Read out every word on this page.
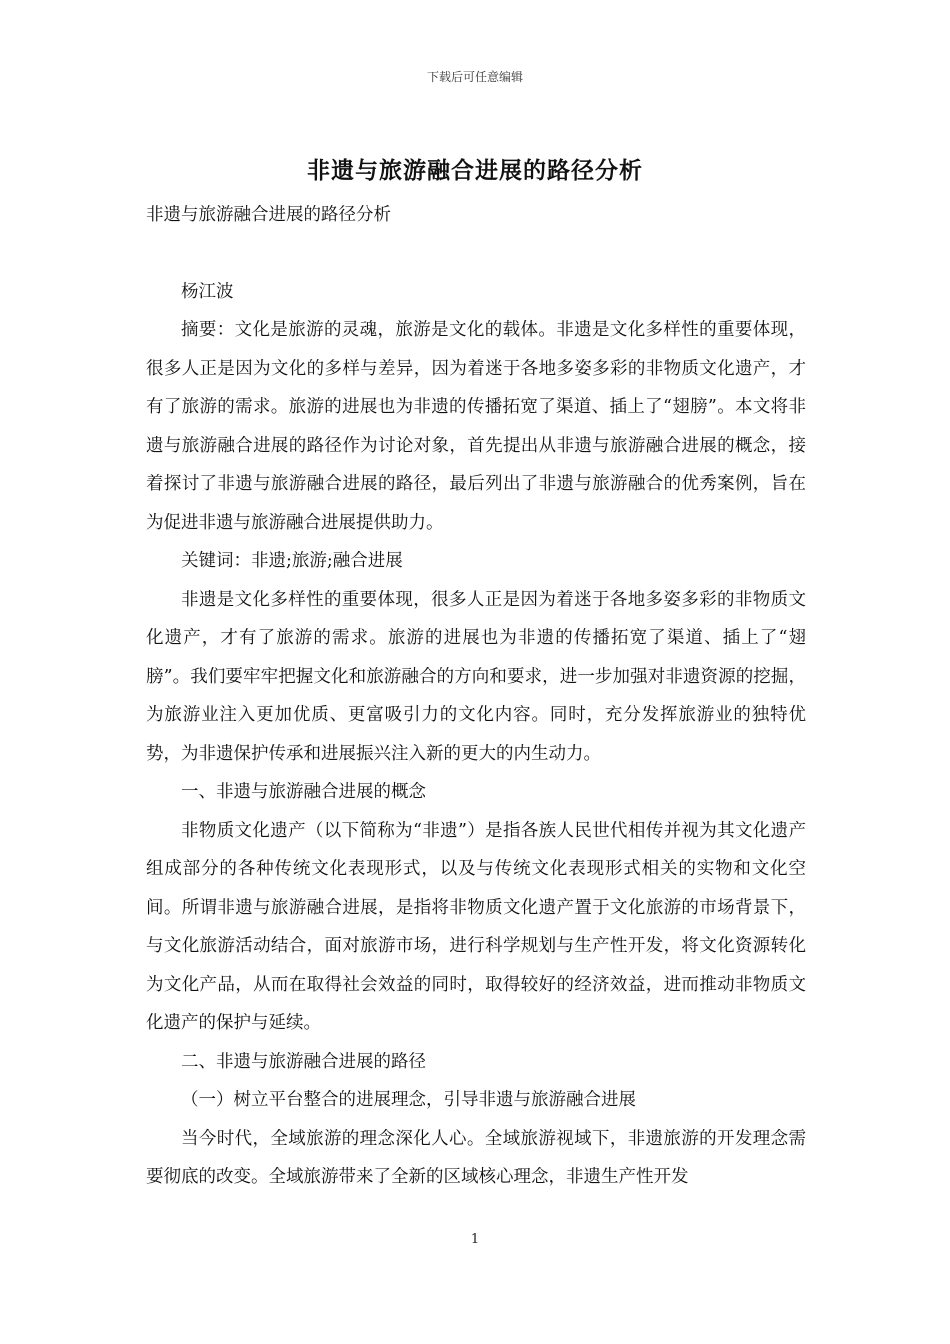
下载后可任意编辑
非遗与旅游融合进展的路径分析

非遗与旅游融合进展的路径分析

杨江波

摘要：文化是旅游的灵魂，旅游是文化的载体。非遗是文化多样性的重要体现，很多人正是因为文化的多样与差异，因为着迷于各地多姿多彩的非物质文化遗产，才有了旅游的需求。旅游的进展也为非遗的传播拓宽了渠道、插上了“翅膀”。本文将非遗与旅游融合进展的路径作为讨论对象，首先提出从非遗与旅游融合进展的概念，接着探讨了非遗与旅游融合进展的路径，最后列出了非遗与旅游融合的优秀案例，旨在为促进非遗与旅游融合进展提供助力。

关键词：非遗;旅游;融合进展

非遗是文化多样性的重要体现，很多人正是因为着迷于各地多姿多彩的非物质文化遗产，才有了旅游的需求。旅游的进展也为非遗的传播拓宽了渠道、插上了“翅膀”。我们要牢牢把握文化和旅游融合的方向和要求，进一步加强对非遗资源的挖掘，为旅游业注入更加优质、更富吸引力的文化内容。同时，充分发挥旅游业的独特优势，为非遗保护传承和进展振兴注入新的更大的内生动力。

一、非遗与旅游融合进展的概念

非物质文化遗产（以下简称为“非遗”）是指各族人民世代相传并视为其文化遗产组成部分的各种传统文化表现形式，以及与传统文化表现形式相关的实物和文化空间。所谓非遗与旅游融合进展，是指将非物质文化遗产置于文化旅游的市场背景下，与文化旅游活动结合，面对旅游市场，进行科学规划与生产性开发，将文化资源转化为文化产品，从而在取得社会效益的同时，取得较好的经济效益，进而推动非物质文化遗产的保护与延续。

二、非遗与旅游融合进展的路径

（一）树立平台整合的进展理念，引导非遗与旅游融合进展

当今时代，全域旅游的理念深化人心。全域旅游视域下，非遗旅游的开发理念需要彻底的改变。全域旅游带来了全新的区域核心理念，非遗生产性开发

1
